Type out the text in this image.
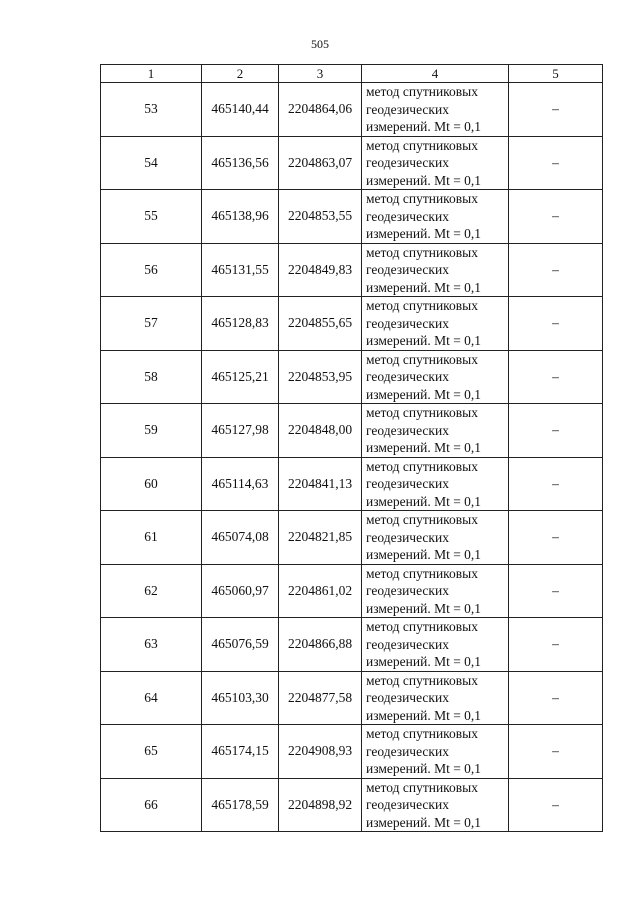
505
1	2	3	4	5
53	465140,44	2204864,06	метод спутниковых
геодезических
измерений. Mt = 0,1	–
54	465136,56	2204863,07	метод спутниковых
геодезических
измерений. Mt = 0,1	–
55	465138,96	2204853,55	метод спутниковых
геодезических
измерений. Mt = 0,1	–
56	465131,55	2204849,83	метод спутниковых
геодезических
измерений. Mt = 0,1	–
57	465128,83	2204855,65	метод спутниковых
геодезических
измерений. Mt = 0,1	–
58	465125,21	2204853,95	метод спутниковых
геодезических
измерений. Mt = 0,1	–
59	465127,98	2204848,00	метод спутниковых
геодезических
измерений. Mt = 0,1	–
60	465114,63	2204841,13	метод спутниковых
геодезических
измерений. Mt = 0,1	–
61	465074,08	2204821,85	метод спутниковых
геодезических
измерений. Mt = 0,1	–
62	465060,97	2204861,02	метод спутниковых
геодезических
измерений. Mt = 0,1	–
63	465076,59	2204866,88	метод спутниковых
геодезических
измерений. Mt = 0,1	–
64	465103,30	2204877,58	метод спутниковых
геодезических
измерений. Mt = 0,1	–
65	465174,15	2204908,93	метод спутниковых
геодезических
измерений. Mt = 0,1	–
66	465178,59	2204898,92	метод спутниковых
геодезических
измерений. Mt = 0,1	–
